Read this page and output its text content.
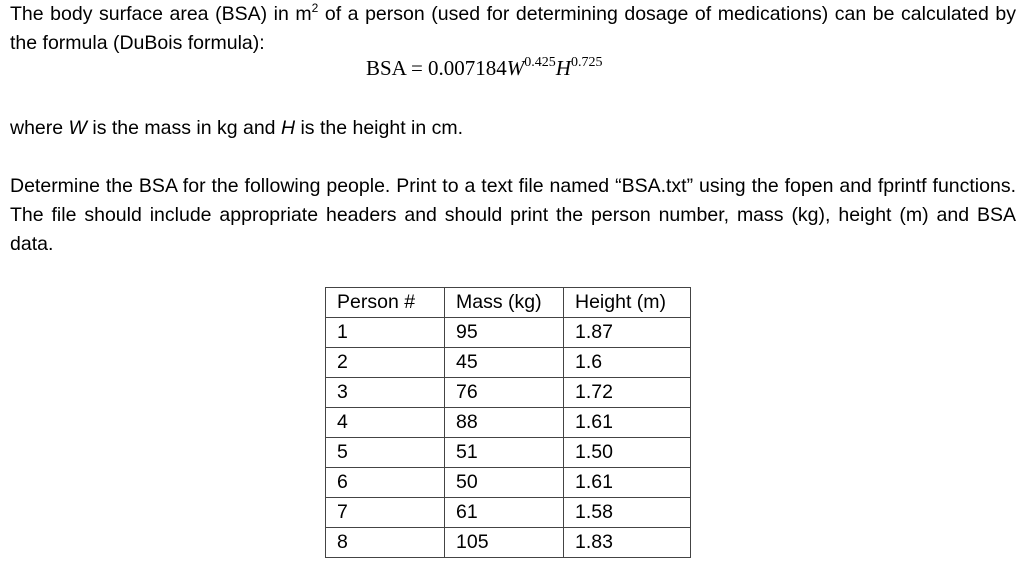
The body surface area (BSA) in $m^2$ of a person (used for determining dosage of medications) can be calculated by the formula (DuBois formula):

BSA = $0.007184W^{0.425}H^{0.725}$

where W is the mass in kg and H is the height in cm.

Determine the BSA for the following people. Print to a text file named “BSA.txt” using the fopen and fprintf functions. The file should include appropriate headers and should print the person number, mass (kg), height (m) and BSA data.

Person #	Mass (kg)	Height (m)
1	95	1.87
2	45	1.6
3	76	1.72
4	88	1.61
5	51	1.50
6	50	1.61
7	61	1.58
8	105	1.83
